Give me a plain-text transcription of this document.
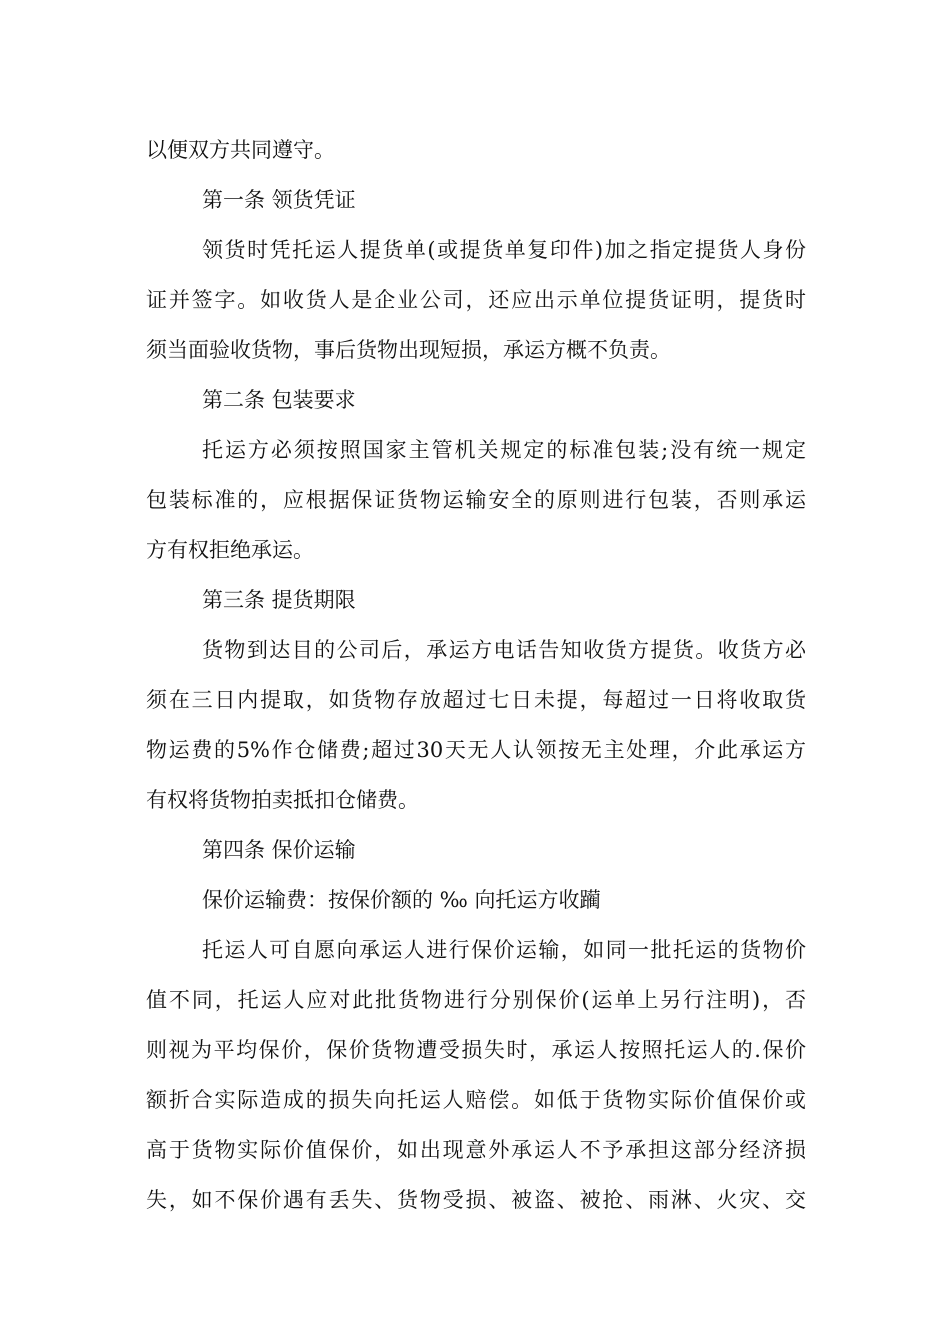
以便双方共同遵守。
第一条 领货凭证
领货时凭托运人提货单(或提货单复印件)加之指定提货人身份
证并签字。如收货人是企业公司，还应出示单位提货证明，提货时
须当面验收货物，事后货物出现短损，承运方概不负责。
第二条 包装要求
托运方必须按照国家主管机关规定的标准包装;没有统一规定
包装标准的，应根据保证货物运输安全的原则进行包装，否则承运
方有权拒绝承运。
第三条 提货期限
货物到达目的公司后，承运方电话告知收货方提货。收货方必
须在三日内提取，如货物存放超过七日未提，每超过一日将收取货
物运费的5%作仓储费;超过30天无人认领按无主处理，介此承运方
有权将货物拍卖抵扣仓储费。
第四条 保价运输
保价运输费：按保价额的 ‰ 向托运方收躏
托运人可自愿向承运人进行保价运输，如同一批托运的货物价
值不同，托运人应对此批货物进行分别保价(运单上另行注明)，否
则视为平均保价，保价货物遭受损失时，承运人按照托运人的.保价
额折合实际造成的损失向托运人赔偿。如低于货物实际价值保价或
高于货物实际价值保价，如出现意外承运人不予承担这部分经济损
失，如不保价遇有丢失、货物受损、被盗、被抢、雨淋、火灾、交
